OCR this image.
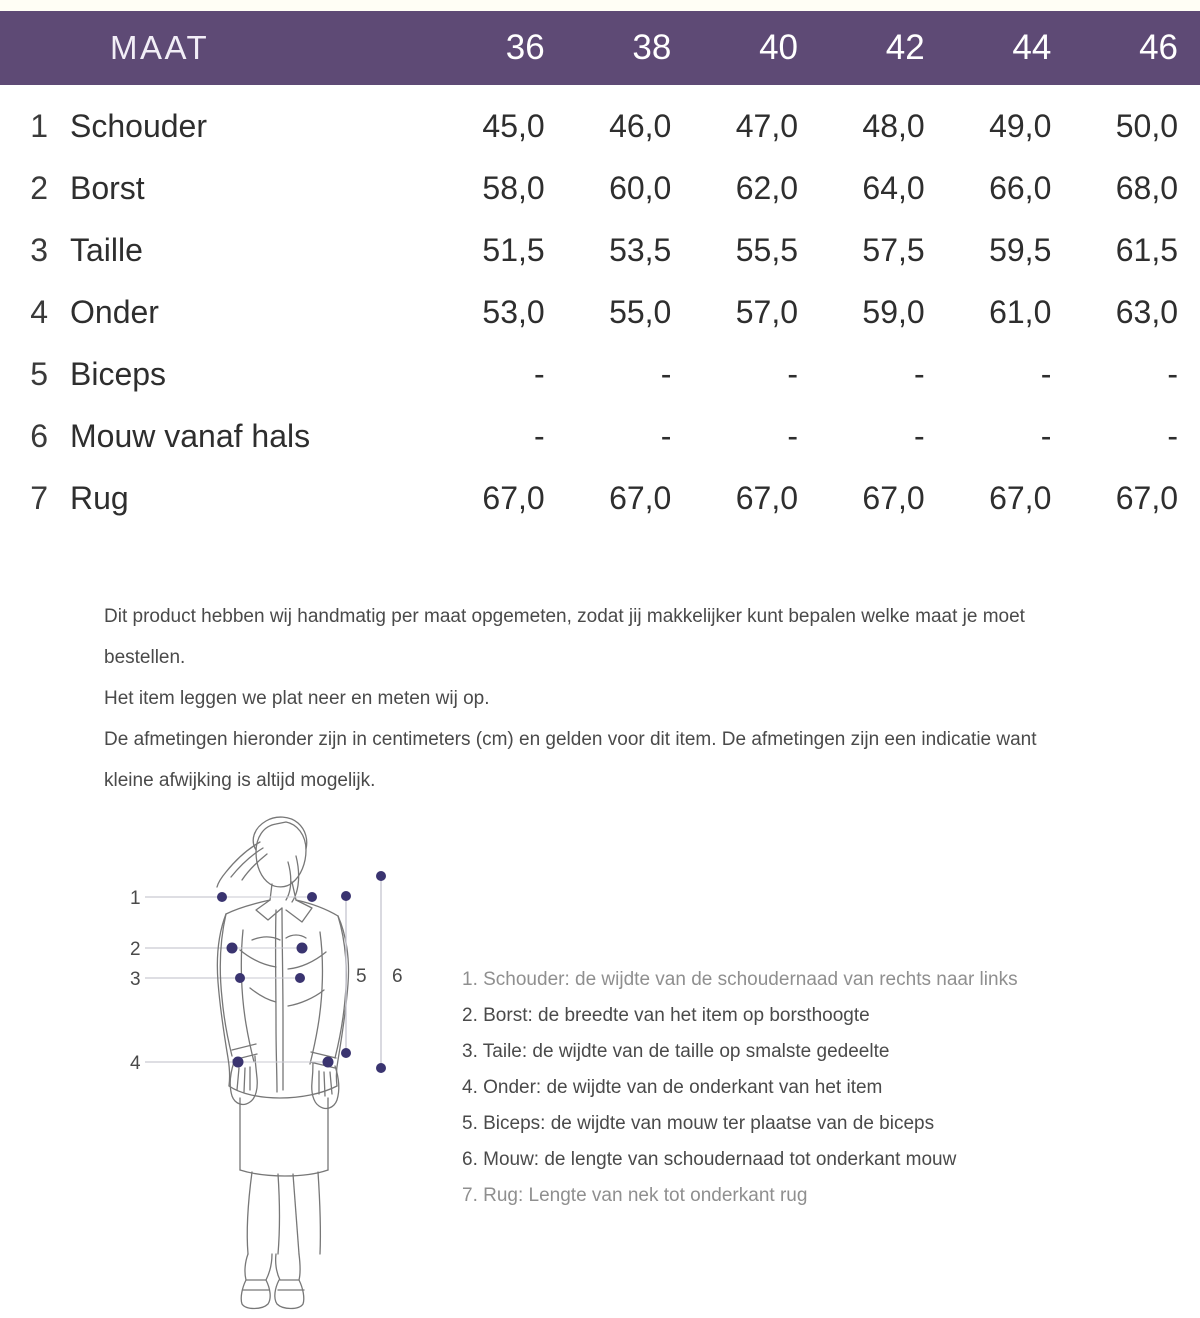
MAAT	36	38	40	42	44	46
1 Schouder	45,0	46,0	47,0	48,0	49,0	50,0
2 Borst	58,0	60,0	62,0	64,0	66,0	68,0
3 Taille	51,5	53,5	55,5	57,5	59,5	61,5
4 Onder	53,0	55,0	57,0	59,0	61,0	63,0
5 Biceps	-	-	-	-	-	-
6 Mouw vanaf hals	-	-	-	-	-	-
7 Rug	67,0	67,0	67,0	67,0	67,0	67,0

Dit product hebben wij handmatig per maat opgemeten, zodat jij makkelijker kunt bepalen welke maat je moet bestellen.

Het item leggen we plat neer en meten wij op.

De afmetingen hieronder zijn in centimeters (cm) en gelden voor dit item. De afmetingen zijn een indicatie want kleine afwijking is altijd mogelijk.

1
2
3
4
5 6	1. Schouder: de wijdte van de schoudernaad van rechts naar links
2. Borst: de breedte van het item op borsthoogte
3. Taile: de wijdte van de taille op smalste gedeelte
4. Onder: de wijdte van de onderkant van het item
5. Biceps: de wijdte van mouw ter plaatse van de biceps
6. Mouw: de lengte van schoudernaad tot onderkant mouw
7. Rug: Lengte van nek tot onderkant rug
